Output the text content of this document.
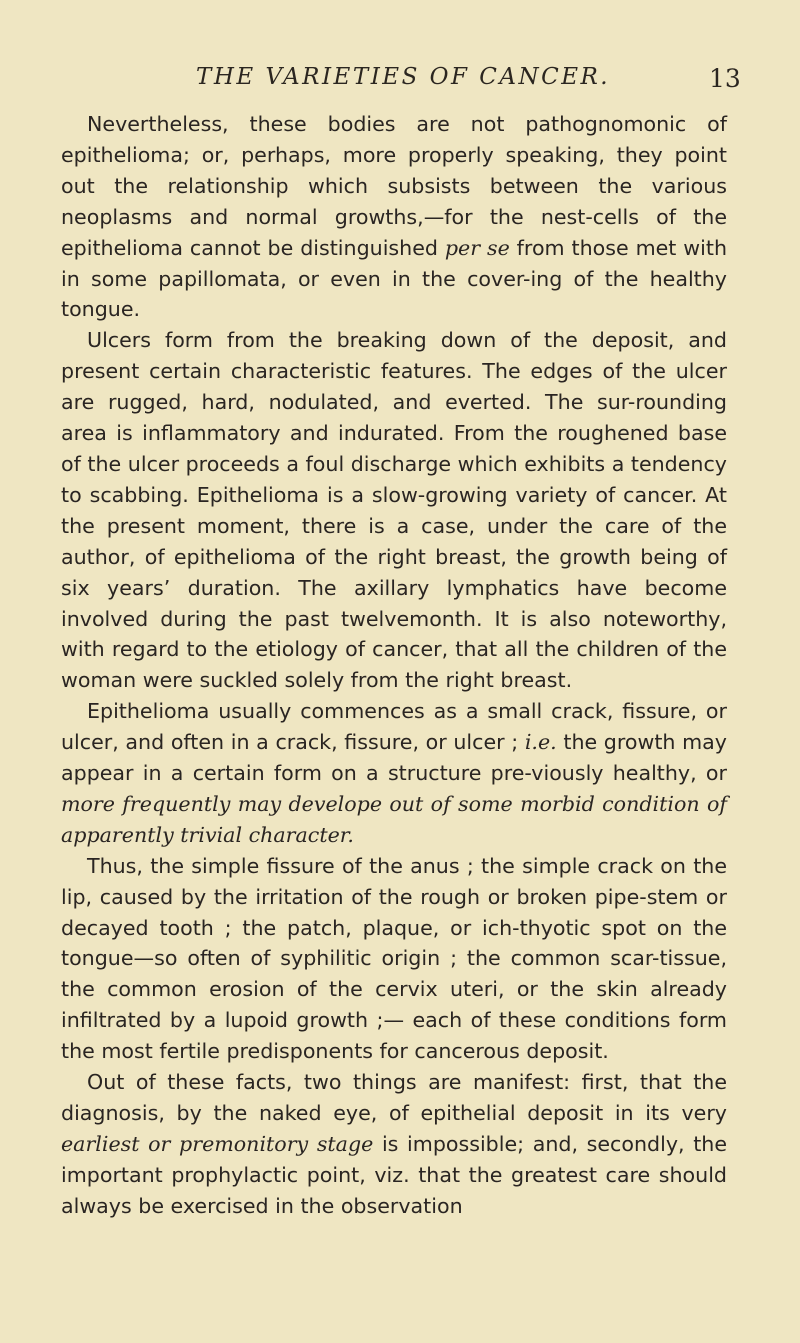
THE VARIETIES OF CANCER.	13

Nevertheless, these bodies are not pathognomonic of epithelioma; or, perhaps, more properly speaking, they point out the relationship which subsists between the various neoplasms and normal growths,—for the nest-cells of the epithelioma cannot be distinguished per se from those met with in some papillomata, or even in the cover-ing of the healthy tongue.

Ulcers form from the breaking down of the deposit, and present certain characteristic features. The edges of the ulcer are rugged, hard, nodulated, and everted. The sur-rounding area is inflammatory and indurated. From the roughened base of the ulcer proceeds a foul discharge which exhibits a tendency to scabbing. Epithelioma is a slow-growing variety of cancer. At the present moment, there is a case, under the care of the author, of epithelioma of the right breast, the growth being of six years’ duration. The axillary lymphatics have become involved during the past twelvemonth. It is also noteworthy, with regard to the etiology of cancer, that all the children of the woman were suckled solely from the right breast.

Epithelioma usually commences as a small crack, fissure, or ulcer, and often in a crack, fissure, or ulcer ; i.e. the growth may appear in a certain form on a structure pre-viously healthy, or more frequently may develope out of some morbid condition of apparently trivial character.

Thus, the simple fissure of the anus ; the simple crack on the lip, caused by the irritation of the rough or broken pipe-stem or decayed tooth ; the patch, plaque, or ich-thyotic spot on the tongue—so often of syphilitic origin ; the common scar-tissue, the common erosion of the cervix uteri, or the skin already infiltrated by a lupoid growth ;— each of these conditions form the most fertile predisponents for cancerous deposit.

Out of these facts, two things are manifest: first, that the diagnosis, by the naked eye, of epithelial deposit in its very earliest or premonitory stage is impossible; and, secondly, the important prophylactic point, viz. that the greatest care should always be exercised in the observation
